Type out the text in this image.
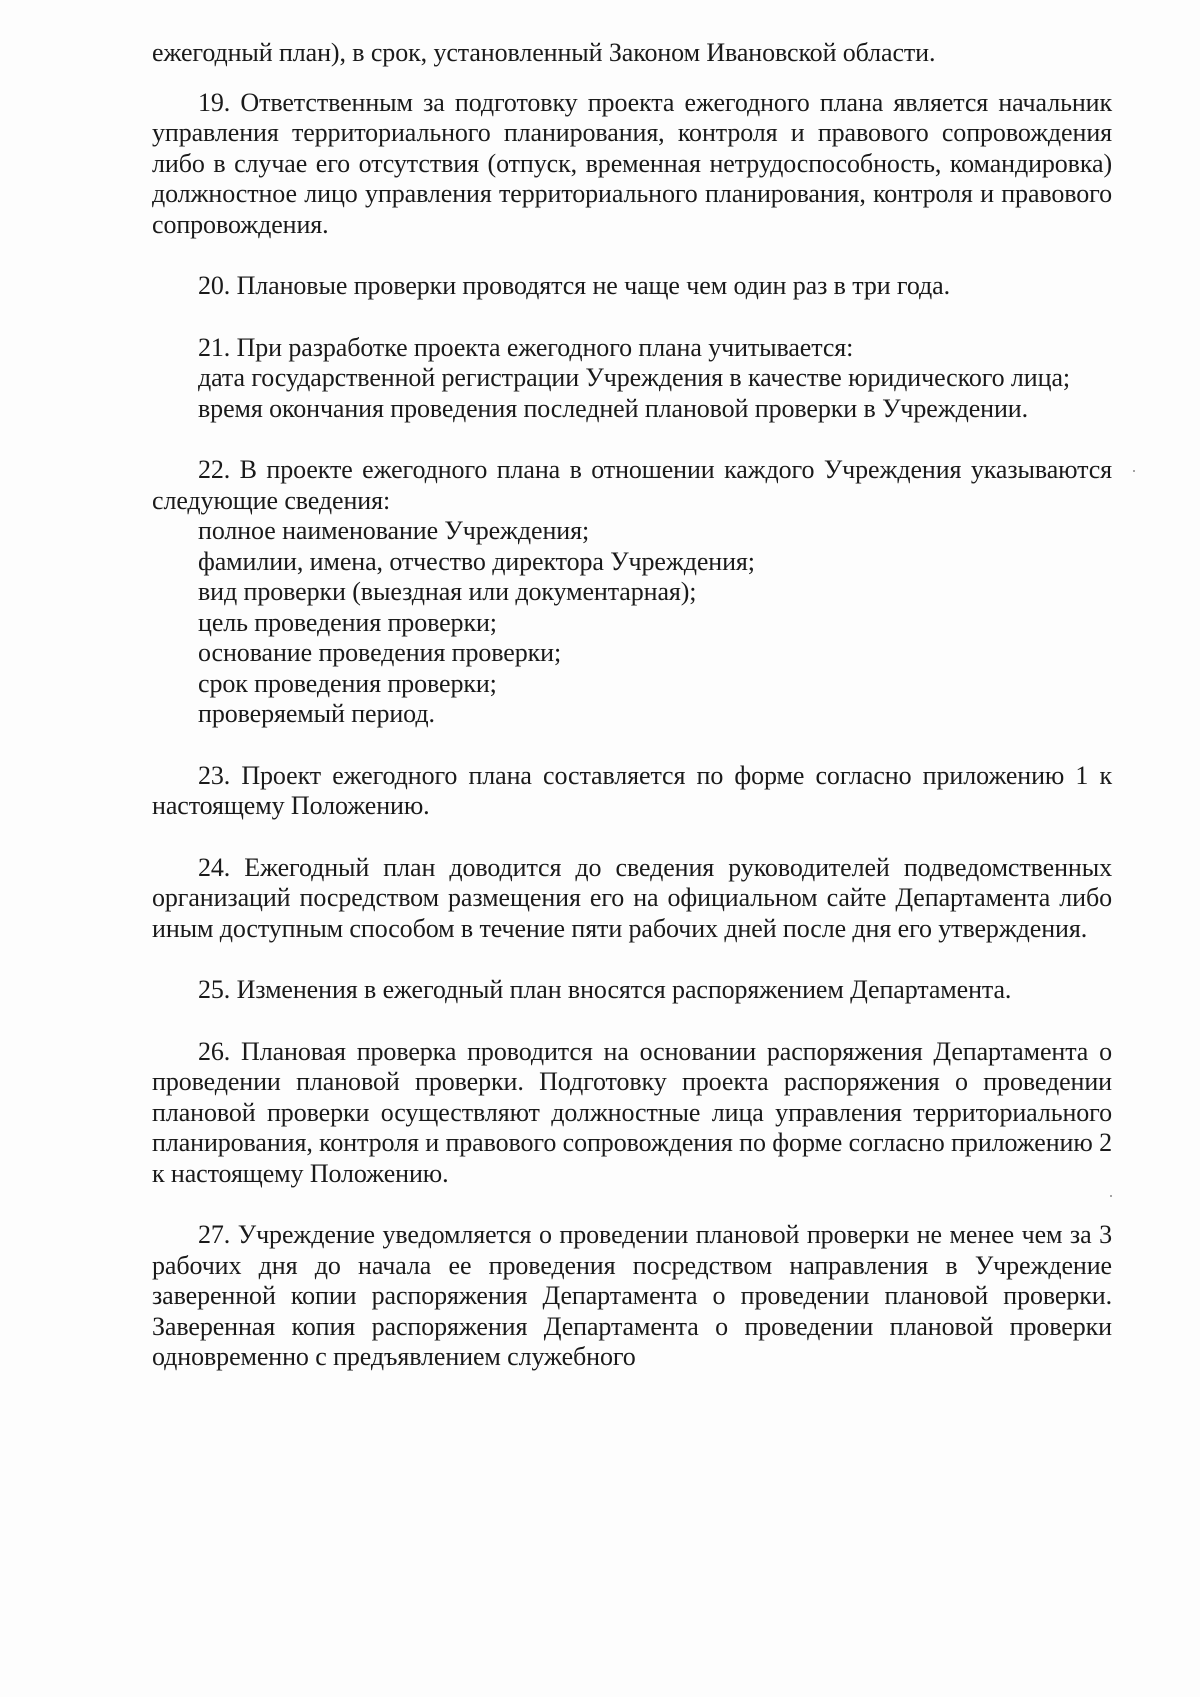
ежегодный план), в срок, установленный Законом Ивановской области.

19. Ответственным за подготовку проекта ежегодного плана является начальник управления территориального планирования, контроля и правового сопровождения либо в случае его отсутствия (отпуск, временная нетрудоспособность, командировка) должностное лицо управления территориального планирования, контроля и правового сопровождения.

20. Плановые проверки проводятся не чаще чем один раз в три года.

21. При разработке проекта ежегодного плана учитывается:

дата государственной регистрации Учреждения в качестве юридического лица;

время окончания проведения последней плановой проверки в Учреждении.

22. В проекте ежегодного плана в отношении каждого Учреждения указываются следующие сведения:

полное наименование Учреждения;
фамилии, имена, отчество директора Учреждения;
вид проверки (выездная или документарная);
цель проведения проверки;
основание проведения проверки;
срок проведения проверки;
проверяемый период.

23. Проект ежегодного плана составляется по форме согласно приложению 1 к настоящему Положению.

24. Ежегодный план доводится до сведения руководителей подведомственных организаций посредством размещения его на официальном сайте Департамента либо иным доступным способом в течение пяти рабочих дней после дня его утверждения.

25. Изменения в ежегодный план вносятся распоряжением Департамента.

26. Плановая проверка проводится на основании распоряжения Департамента о проведении плановой проверки. Подготовку проекта распоряжения о проведении плановой проверки осуществляют должностные лица управления территориального планирования, контроля и правового сопровождения по форме согласно приложению 2 к настоящему Положению.

27. Учреждение уведомляется о проведении плановой проверки не менее чем за 3 рабочих дня до начала ее проведения посредством направления в Учреждение заверенной копии распоряжения Департамента о проведении плановой проверки. Заверенная копия распоряжения Департамента о проведении плановой проверки одновременно с предъявлением служебного
